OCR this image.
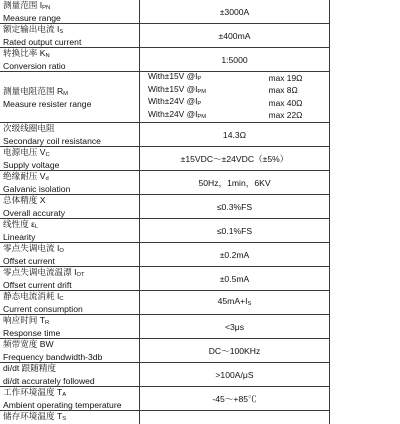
测量范围 IPN
Measure range
	±3000A

额定输出电流 IS
Rated output current
	±400mA

转换比率 KN
Conversion ratio
	1:5000

测量电阻范围 RM
Measure resister range

With±15V @IP	max 19Ω
With±15V @IPM	max 8Ω
With±24V @IP	max 40Ω
With±24V @IPM	max 22Ω

次级线圈电阻
Secondary coil resistance
	14.3Ω

电源电压 VC
Supply voltage
	±15VDC～±24VDC（±5%）

绝缘耐压 Vd
Galvanic isolation
	50Hz，1min，6KV

总体精度 X
Overall accuraty
	≤0.3%FS

线性度 εL
Linearity
	≤0.1%FS

零点失调电流 IO
Offset current
	±0.2mA

零点失调电流温漂 IOT
Offset current drift
	±0.5mA

静态电流消耗 IC
Current consumption
	45mA+IS

响应时间 TR
Response time
	<3μs

频带宽度 BW
Frequency bandwidth-3db
	DC～100KHz

di/dt 跟随精度
di/dt accurately followed
	>100A/μS

工作环境温度 TA
Ambient operating temperature
	-45～+85℃

储存环境温度 TS
